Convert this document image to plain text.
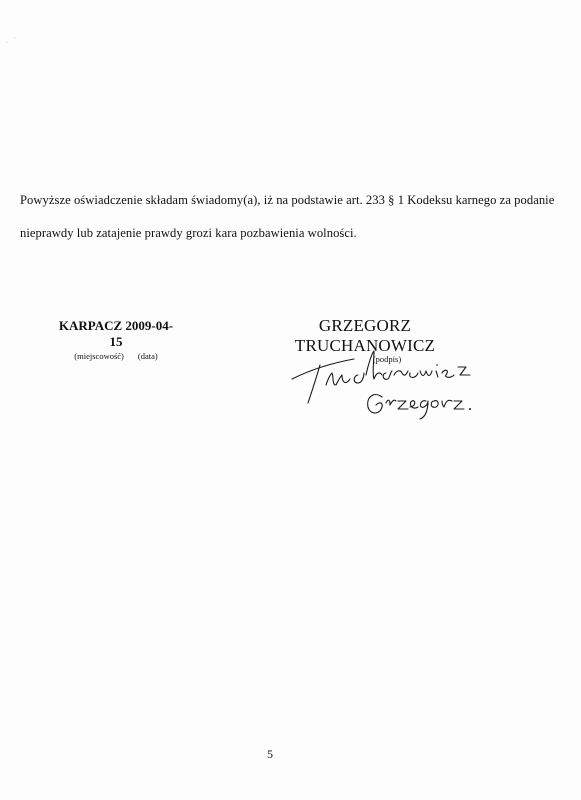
·
·

Powyższe oświadczenie składam świadomy(a), iż na podstawie art. 233 § 1 Kodeksu karnego za podanie

nieprawdy lub zatajenie prawdy grozi kara pozbawienia wolności.

KARPACZ 2009-04-15
(miejscowość) (data)
GRZEGORZ TRUCHANOWICZ
(podpis)
5
